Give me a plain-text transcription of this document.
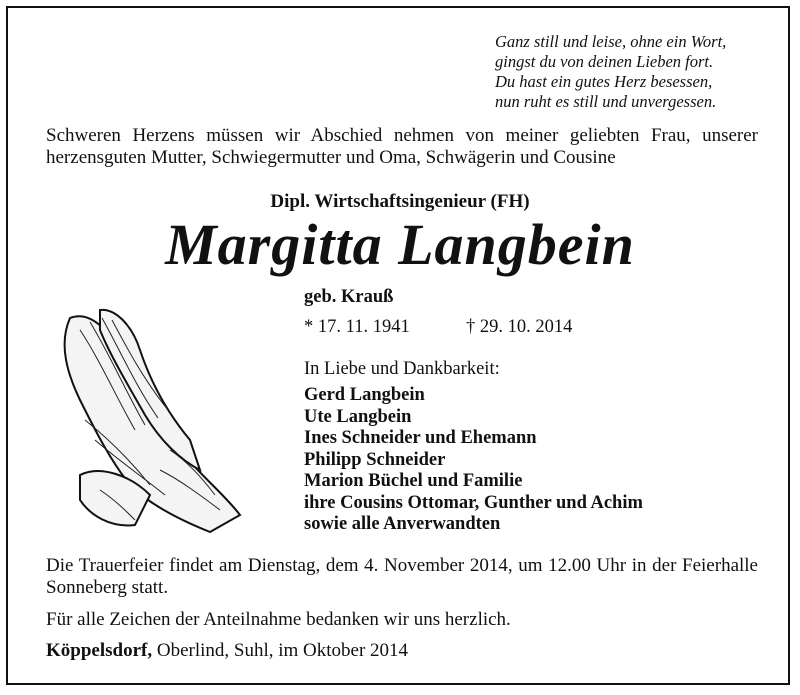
Ganz still und leise, ohne ein Wort,
gingst du von deinen Lieben fort.
Du hast ein gutes Herz besessen,
nun ruht es still und unvergessen.
Schweren Herzens müssen wir Abschied nehmen von meiner geliebten Frau, unserer herzensguten Mutter, Schwiegermutter und Oma, Schwägerin und Cousine
Dipl. Wirtschaftsingenieur (FH)
Margitta Langbein
geb. Krauß
* 17. 11. 1941	† 29. 10. 2014
In Liebe und Dankbarkeit:
Gerd Langbein
Ute Langbein
Ines Schneider und Ehemann
Philipp Schneider
Marion Büchel und Familie
ihre Cousins Ottomar, Gunther und Achim
sowie alle Anverwandten
Die Trauerfeier findet am Dienstag, dem 4. November 2014, um 12.00 Uhr in der Feierhalle Sonneberg statt.
Für alle Zeichen der Anteilnahme bedanken wir uns herzlich.
Köppelsdorf, Oberlind, Suhl, im Oktober 2014
